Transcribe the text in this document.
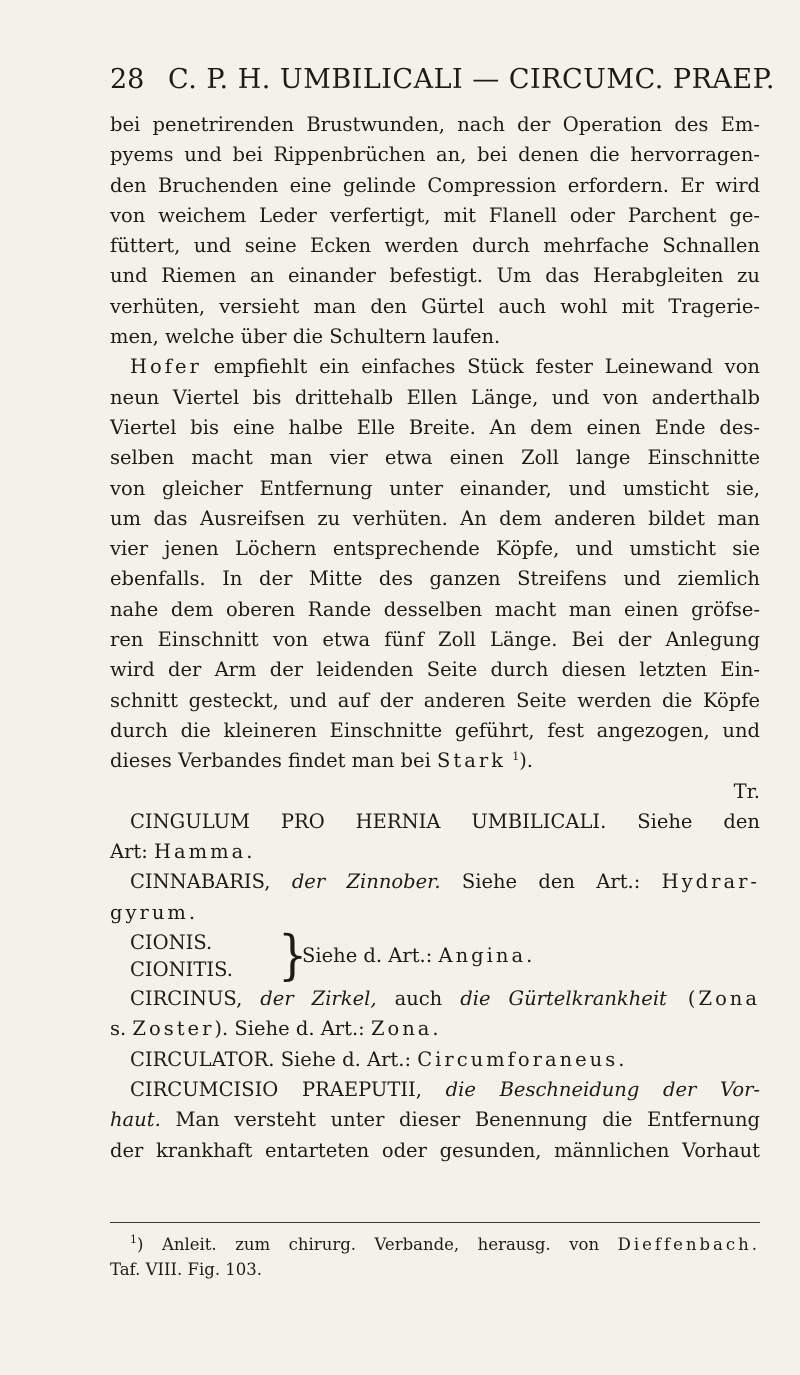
28 C. P. H. UMBILICALI — CIRCUMC. PRAEP.
bei penetrirenden Brustwunden, nach der Operation des Em-
pyems und bei Rippenbrüchen an, bei denen die hervorragen-
den Bruchenden eine gelinde Compression erfordern. Er wird
von weichem Leder verfertigt, mit Flanell oder Parchent ge-
füttert, und seine Ecken werden durch mehrfache Schnallen
und Riemen an einander befestigt. Um das Herabgleiten zu
verhüten, versieht man den Gürtel auch wohl mit Tragerie-
men, welche über die Schultern laufen.
Hofer empfiehlt ein einfaches Stück fester Leinewand von
neun Viertel bis drittehalb Ellen Länge, und von anderthalb
Viertel bis eine halbe Elle Breite. An dem einen Ende des-
selben macht man vier etwa einen Zoll lange Einschnitte
von gleicher Entfernung unter einander, und umsticht sie,
um das Ausreifsen zu verhüten. An dem anderen bildet man
vier jenen Löchern entsprechende Köpfe, und umsticht sie
ebenfalls. In der Mitte des ganzen Streifens und ziemlich
nahe dem oberen Rande desselben macht man einen gröfse-
ren Einschnitt von etwa fünf Zoll Länge. Bei der Anlegung
wird der Arm der leidenden Seite durch diesen letzten Ein-
schnitt gesteckt, und auf der anderen Seite werden die Köpfe
durch die kleineren Einschnitte geführt, fest angezogen, und
dieses Verbandes findet man bei Stark $^1$).
Tr.
CINGULUM PRO HERNIA UMBILICALI. Siehe den
Art: Hamma.
CINNABARIS, der Zinnober. Siehe den Art.: Hydrar-
gyrum.
CIONIS.
CIONITIS. }
Siehe d. Art.: Angina.
CIRCINUS, der Zirkel, auch die Gürtelkrankheit (Zona
s. Zoster). Siehe d. Art.: Zona.
CIRCULATOR. Siehe d. Art.: Circumforaneus.
CIRCUMCISIO PRAEPUTII, die Beschneidung der Vor-
haut. Man versteht unter dieser Benennung die Entfernung
der krankhaft entarteten oder gesunden, männlichen Vorhaut
$^1$) Anleit. zum chirurg. Verbande, herausg. von Dieffenbach.
Taf. VIII. Fig. 103.
